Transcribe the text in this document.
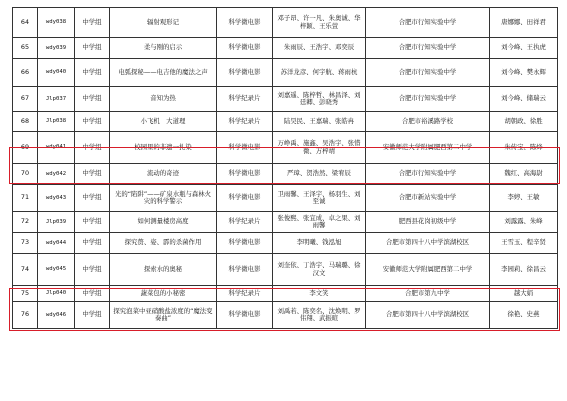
64	wdy038	中学组	辐射观形记	科学微电影	邓子昂、许一凡、朱奥诚、华梓颖、王乐萱	合肥市行知实验中学	唐娜娜、田祥君
65	wdy039	中学组	柔与刚的启示	科学微电影	朱雨辰、王浩宇、邓奕辰	合肥市行知实验中学	刘今峰、王执虎
66	wdy040	中学组	电弧探秘——电吉他的魔法之声	科学微电影	苏洋龙彦、何宇航、蒋雨杭	合肥市行知实验中学	刘今峰、樊永辉
67	Jlp037	中学组	音知为热	科学纪录片	刘嘉遥、陈梓哲、林昌泽、刘廷卿、彭晓秀	合肥市行知实验中学	刘今峰、储瑞云
68	Jlp038	中学组	小飞机　大道理	科学纪录片	陆昊民、王嘉瑞、张皓冉	合肥市裕溪路学校	胡朝政、徐胜
69	wdy041	中学组	校园里的非遗一扎染	科学微电影	万峥禹、施鑫、吴浩宇、张惜微、万梓靖	安徽师范大学附属肥西第二中学	朱传宝、陈烽
70	wdy042	中学组	流动的奇迹	科学微电影	严璋、贺浩然、梁宥辰	合肥市行知实验中学	魏红、高海尉
71	wdy043	中学组	光的“陷阱”——矿泉水瓶与森林火灾的科学警示	科学微电影	卫雨馨、王泽宇、杨羽生、刘至诚	合肥市新站实验中学	李婷、王敏
72	Jlp039	中学组	如何测量楼房高度	科学纪录片	张俊熙、张宜成、卓之果、刘雨馨	肥西县花岗初级中学	刘露露、朱峰
73	wdy044	中学组	探究赘、姿、霹的杀菌作用	科学微电影	李明曦、钱泓旭	合肥市第四十八中学滨湖校区	王雪玉、程辛贤
74	wdy045	中学组	探索水的奥秘	科学微电影	刘奎依、丁浩宇、马瑞璐、徐汉文	安徽师范大学附属肥西第二中学	李园莉、徐昌云
75	Jlp040	中学组	蔬菜包的小秘密	科学纪录片	李文笑	合肥市第九中学	越大娟
76	wdy046	中学组	探究泡菜中亚硝酸盐浓度的“魔法变奏曲”	科学微电影	刘禹若、陈奕名、沈焕明、罗伟翔、武振暄	合肥市第四十八中学滨湖校区	徐艳、史燕
